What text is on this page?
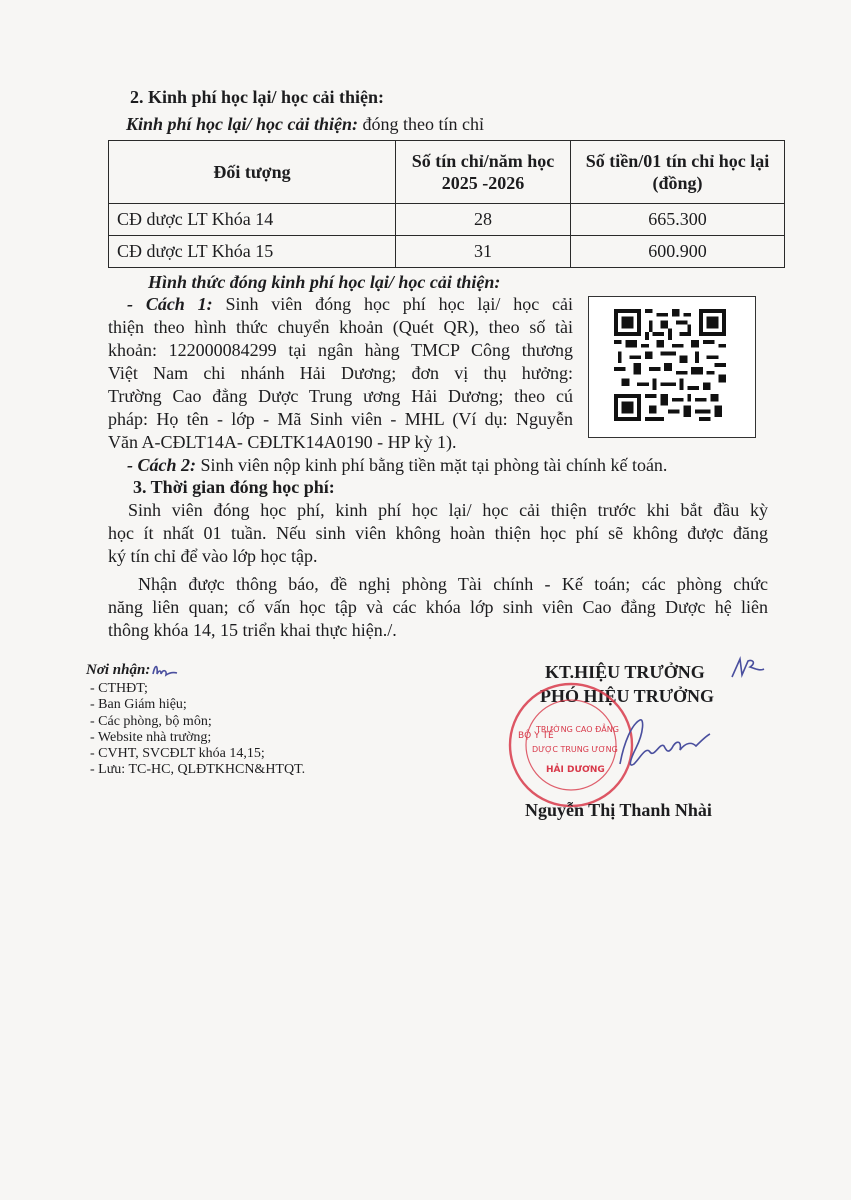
2. Kinh phí học lại/ học cải thiện:
Kinh phí học lại/ học cải thiện: đóng theo tín chỉ
Đối tượng	Số tín chỉ/năm học 2025 -2026	Số tiền/01 tín chỉ học lại (đồng)
CĐ dược LT Khóa 14	28	665.300
CĐ dược LT Khóa 15	31	600.900
Hình thức đóng kinh phí học lại/ học cải thiện:
- Cách 1: Sinh viên đóng học phí học lại/ học cải
thiện theo hình thức chuyển khoản (Quét QR), theo số tài
khoản: 122000084299 tại ngân hàng TMCP Công thương
Việt Nam chi nhánh Hải Dương; đơn vị thụ hưởng:
Trường Cao đẳng Dược Trung ương Hải Dương; theo cú
pháp: Họ tên - lớp - Mã Sinh viên - MHL (Ví dụ: Nguyễn
Văn A-CĐLT14A- CĐLTK14A0190 - HP kỳ 1).
- Cách 2: Sinh viên nộp kinh phí bằng tiền mặt tại phòng tài chính kế toán.
3. Thời gian đóng học phí:
Sinh viên đóng học phí, kinh phí học lại/ học cải thiện trước khi bắt đầu kỳ
học ít nhất 01 tuần. Nếu sinh viên không hoàn thiện học phí sẽ không được đăng
ký tín chỉ để vào lớp học tập.
Nhận được thông báo, đề nghị phòng Tài chính - Kế toán; các phòng chức
năng liên quan; cố vấn học tập và các khóa lớp sinh viên Cao đẳng Dược hệ liên
thông khóa 14, 15 triển khai thực hiện./.
Nơi nhận:
- CTHĐT;
- Ban Giám hiệu;
- Các phòng, bộ môn;
- Website nhà trường;
- CVHT, SVCĐLT khóa 14,15;
- Lưu: TC-HC, QLĐTKHCN&HTQT.
KT.HIỆU TRƯỞNG
PHÓ HIỆU TRƯỞNG
BỘ Y TẾ
TRƯỜNG CAO ĐẲNG
DƯỢC TRUNG ƯƠNG
HẢI DƯƠNG
Nguyễn Thị Thanh Nhài
